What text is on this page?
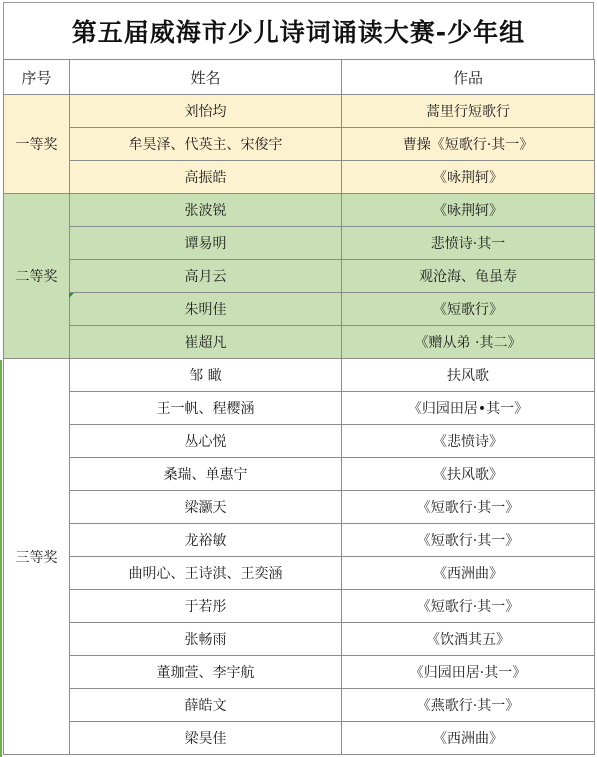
第五届威海市少儿诗词诵读大赛-少年组
序号	姓名	作品
一等奖	刘怡均	蒿里行短歌行
	牟昊泽、代英主、宋俊宇	曹操《短歌行·其一》
	高振皓	《咏荆轲》
二等奖	张波锐	《咏荆轲》
	谭易明	悲愤诗·其一
	高月云	观沧海、龟虽寿
	朱明佳	《短歌行》
	崔超凡	《赠从弟 ·其二》
三等奖	邹 瞰	扶风歌
	王一帆、程樱涵	《归园田居•其一》
	丛心悦	《悲愤诗》
	桑瑞、单惠宁	《扶风歌》
	梁灏天	《短歌行·其一》
	龙裕敏	《短歌行·其一》
	曲明心、王诗淇、王奕涵	《西洲曲》
	于若彤	《短歌行·其一》
	张畅雨	《饮酒其五》
	董珈萱、李宇航	《归园田居·其一》
	薛皓文	《燕歌行·其一》
	梁昊佳	《西洲曲》
